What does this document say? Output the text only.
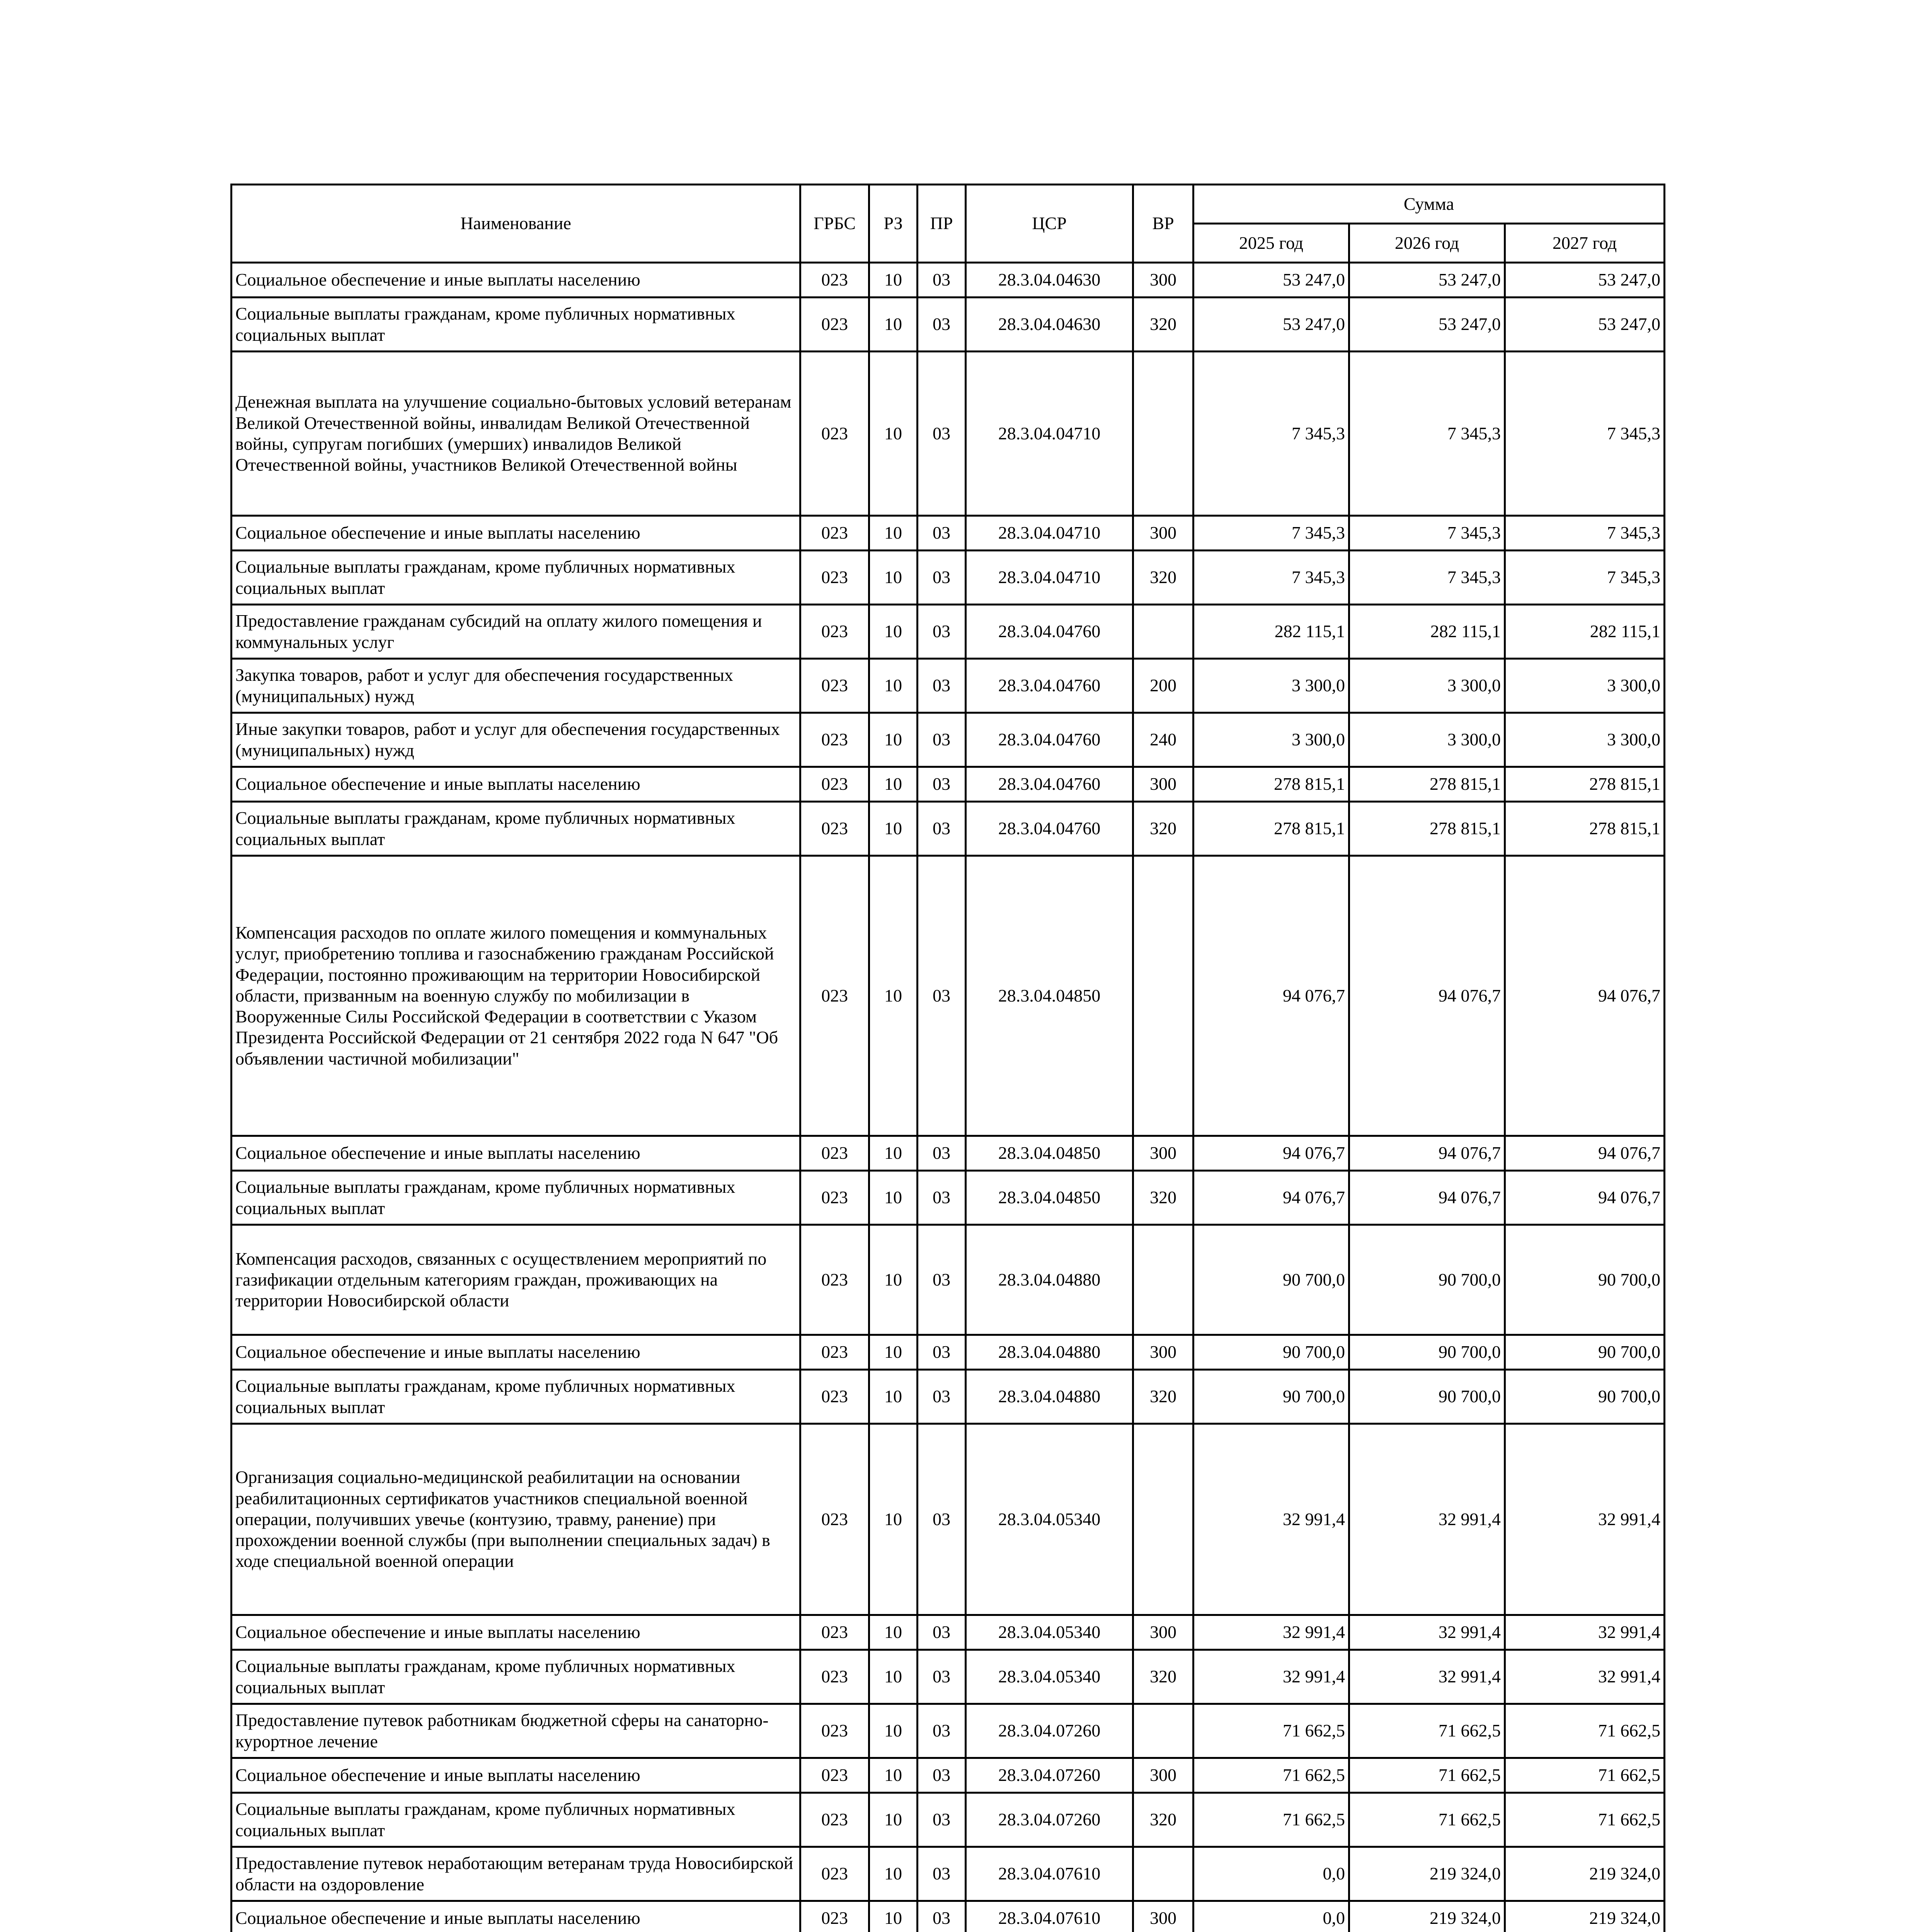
Наименование	ГРБС	РЗ	ПР	ЦСР	ВР	Сумма		
						2025 год	2026 год	2027 год
Социальное обеспечение и иные выплаты населению	023	10	03	28.3.04.04630	300	53 247,0	53 247,0	53 247,0
Социальные выплаты гражданам, кроме публичных нормативных социальных выплат	023	10	03	28.3.04.04630	320	53 247,0	53 247,0	53 247,0
Денежная выплата на улучшение социально-бытовых условий ветеранам Великой Отечественной войны, инвалидам Великой Отечественной войны, супругам погибших (умерших) инвалидов Великой Отечественной войны, участников Великой Отечественной войны	023	10	03	28.3.04.04710		7 345,3	7 345,3	7 345,3
Социальное обеспечение и иные выплаты населению	023	10	03	28.3.04.04710	300	7 345,3	7 345,3	7 345,3
Социальные выплаты гражданам, кроме публичных нормативных социальных выплат	023	10	03	28.3.04.04710	320	7 345,3	7 345,3	7 345,3
Предоставление гражданам субсидий на оплату жилого помещения и коммунальных услуг	023	10	03	28.3.04.04760		282 115,1	282 115,1	282 115,1
Закупка товаров, работ и услуг для обеспечения государственных (муниципальных) нужд	023	10	03	28.3.04.04760	200	3 300,0	3 300,0	3 300,0
Иные закупки товаров, работ и услуг для обеспечения государственных (муниципальных) нужд	023	10	03	28.3.04.04760	240	3 300,0	3 300,0	3 300,0
Социальное обеспечение и иные выплаты населению	023	10	03	28.3.04.04760	300	278 815,1	278 815,1	278 815,1
Социальные выплаты гражданам, кроме публичных нормативных социальных выплат	023	10	03	28.3.04.04760	320	278 815,1	278 815,1	278 815,1
Компенсация расходов по оплате жилого помещения и коммунальных услуг, приобретению топлива и газоснабжению гражданам Российской Федерации, постоянно проживающим на территории Новосибирской области, призванным на военную службу по мобилизации в Вооруженные Силы Российской Федерации в соответствии с Указом Президента Российской Федерации от 21 сентября 2022 года N 647 "Об объявлении частичной мобилизации"	023	10	03	28.3.04.04850		94 076,7	94 076,7	94 076,7
Социальное обеспечение и иные выплаты населению	023	10	03	28.3.04.04850	300	94 076,7	94 076,7	94 076,7
Социальные выплаты гражданам, кроме публичных нормативных социальных выплат	023	10	03	28.3.04.04850	320	94 076,7	94 076,7	94 076,7
Компенсация расходов, связанных с осуществлением мероприятий по газификации отдельным категориям граждан, проживающих на территории Новосибирской области	023	10	03	28.3.04.04880		90 700,0	90 700,0	90 700,0
Социальное обеспечение и иные выплаты населению	023	10	03	28.3.04.04880	300	90 700,0	90 700,0	90 700,0
Социальные выплаты гражданам, кроме публичных нормативных социальных выплат	023	10	03	28.3.04.04880	320	90 700,0	90 700,0	90 700,0
Организация социально-медицинской реабилитации на основании реабилитационных сертификатов участников специальной военной операции, получивших увечье (контузию, травму, ранение) при прохождении военной службы (при выполнении специальных задач) в ходе специальной военной операции	023	10	03	28.3.04.05340		32 991,4	32 991,4	32 991,4
Социальное обеспечение и иные выплаты населению	023	10	03	28.3.04.05340	300	32 991,4	32 991,4	32 991,4
Социальные выплаты гражданам, кроме публичных нормативных социальных выплат	023	10	03	28.3.04.05340	320	32 991,4	32 991,4	32 991,4
Предоставление путевок работникам бюджетной сферы на санаторно-курортное лечение	023	10	03	28.3.04.07260		71 662,5	71 662,5	71 662,5
Социальное обеспечение и иные выплаты населению	023	10	03	28.3.04.07260	300	71 662,5	71 662,5	71 662,5
Социальные выплаты гражданам, кроме публичных нормативных социальных выплат	023	10	03	28.3.04.07260	320	71 662,5	71 662,5	71 662,5
Предоставление путевок неработающим ветеранам труда Новосибирской области на оздоровление	023	10	03	28.3.04.07610		0,0	219 324,0	219 324,0
Социальное обеспечение и иные выплаты населению	023	10	03	28.3.04.07610	300	0,0	219 324,0	219 324,0
